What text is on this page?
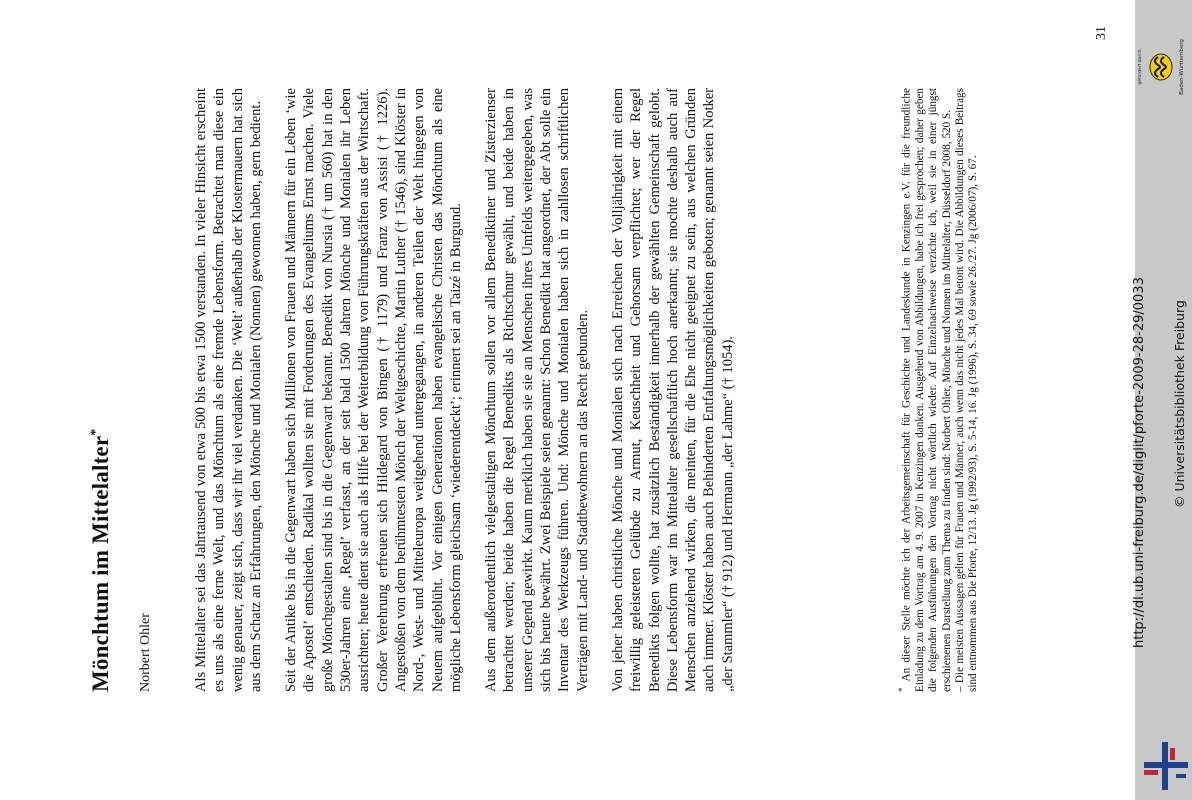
Mönchtum im Mittelalter*
Norbert Ohler
31

Als Mittelalter sei das Jahrtausend von etwa 500 bis etwa 1500 verstanden. In vieler Hinsicht erscheint es uns als eine ferne Welt, und das Mönchtum als eine fremde Lebensform. Betrachtet man diese ein wenig genauer, zeigt sich, dass wir ihr viel verdanken. Die ‘Welt’ außerhalb der Klostermauern hat sich aus dem Schatz an Erfahrungen, den Mönche und Monialen (Nonnen) gewonnen haben, gern bedient. Seit der Antike bis in die Gegenwart haben sich Millionen von Frauen und Männern für ein Leben ‘wie die Apostel’ entschieden. Radikal wollten sie mit Forderungen des Evangeliums Ernst machen. Viele große Mönchgestalten sind bis in die Gegenwart bekannt. Benedikt von Nursia († um 560) hat in den 530er-Jahren eine ‚Regel’ verfasst, an der seit bald 1500 Jahren Mönche und Monialen ihr Leben ausrichten; heute dient sie auch als Hilfe bei der Weiterbildung von Führungskräften aus der Wirtschaft. Großer Verehrung erfreuen sich Hildegard von Bingen († 1179) und Franz von Assisi († 1226). Angestoßen von dem berühmtesten Mönch der Weltgeschichte, Martin Luther († 1546), sind Klöster in Nord-, West- und Mitteleuropa weitgehend untergegangen, in anderen Teilen der Welt hingegen von Neuem aufgeblüht. Vor einigen Generationen haben evangelische Christen das Mönchtum als eine mögliche Lebensform gleichsam ‘wiederentdeckt’; erinnert sei an Taizé in Burgund. Aus dem außerordentlich vielgestaltigen Mönchtum sollen vor allem Benediktiner und Zisterzienser betrachtet werden; beide haben die Regel Benedikts als Richtschnur gewählt, und beide haben in unserer Gegend gewirkt. Kaum merklich haben sie sie an Menschen ihres Umfelds weitergegeben, was sich bis heute bewährt. Zwei Beispiele seien genannt: Schon Benedikt hat angeordnet, der Abt solle ein Inventar des Werkzeugs führen. Und: Mönche und Monialen haben sich in zahllosen schriftlichen Verträgen mit Land- und Stadtbewohnern an das Recht gebunden. Von jeher haben christliche Mönche und Monialen sich nach Erreichen der Volljährigkeit mit einem freiwillig geleisteten Gelübde zu Armut, Keuschheit und Gehorsam verpflichtet; wer der Regel Benedikts folgen wollte, hat zusätzlich Beständigkeit innerhalb der gewählten Gemeinschaft gelobt. Diese Lebensform war im Mittelalter gesellschaftlich hoch anerkannt; sie mochte deshalb auch auf Menschen anziehend wirken, die meinten, für die Ehe nicht geeignet zu sein, aus welchen Gründen auch immer. Klöster haben auch Behinderten Entfaltungsmöglichkeiten geboten; genannt seien Notker „der Stammler“ († 912) und Hermann „der Lahme“ († 1054).	*An dieser Stelle möchte ich der Arbeitsgemeinschaft für Geschichte und Landeskunde in Kenzingen e.V. für die freundliche Einladung zu dem Vortrag am 4. 9. 2007 in Kenzingen danken. Ausgehend von Abbildungen, habe ich frei gesprochen; daher geben die folgenden Ausführungen den Vortrag nicht wörtlich wieder. Auf Einzelnachweise verzichte ich, weil sie in einer jüngst erschienenen Darstellung zum Thema zu finden sind: Norbert Ohler, Mönche und Nonnen im Mittelalter, Düsseldorf 2008, 520 S. – Die meisten Aussagen gelten für Frauen und Männer, auch wenn das nicht jedes Mal betont wird. Die Abbildungen dieses Beitrags sind entnommen aus Die Pforte, 12/13. Jg (1992/93), S. 5-14, 16. Jg (1996), S. 34, 69 sowie 26./27. Jg (2006/07), S. 67.

gefördert durch	Baden-Württemberg
http://dl.ub.uni-freiburg.de/diglit/pforte-2009-28-29/0033	© Universitätsbibliothek Freiburg
